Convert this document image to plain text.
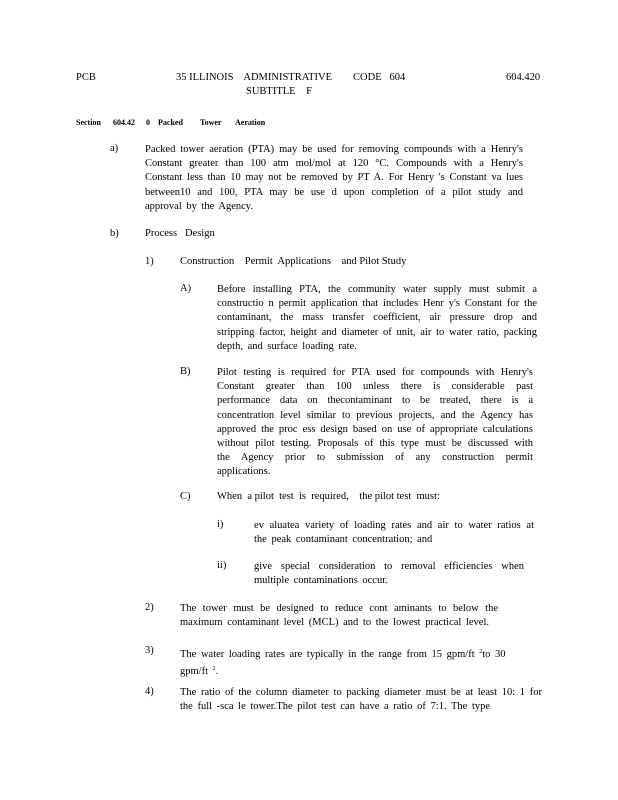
PCB	35 ILLINOIS    ADMINISTRATIVE        CODE   604
SUBTITLE    F
604.420
Section 604.42 0 Packed Tower Aeration
a)	Packed tower aeration (PTA) may be used for removing compounds with a Henry's Constant greater than 100 atm mol/mol at 120 °C. Compounds with a Henry's Constant less than 10 may not be removed by PT A. For Henry 's Constant va lues between10 and 100, PTA may be use d upon completion of a pilot study and approval by the Agency.
b)	Process   Design
1)	Construction    Permit  Applications    and Pilot Study
A) Before installing PTA, the community water supply must submit a constructio n permit application that includes Henr y's Constant for the contaminant, the mass transfer coefficient, air pressure drop and stripping factor, height and diameter of unit, air to water ratio, packing depth, and surface loading rate.
B)	Pilot testing is required for PTA used for compounds with Henry's Constant greater than 100 unless there is considerable past performance data on thecontaminant to be treated, there is a concentration level similar to previous projects, and the Agency has approved the proc ess design based on use of appropriate calculations without pilot testing. Proposals of this type must be discussed with the Agency prior to submission of any construction permit applications.
C)	When  a pilot  test  is  required,    the pilot test  must:
i)	ev aluatea variety of loading rates and air to water ratios at the peak contaminant concentration; and
ii)	give special consideration to removal efficiencies when multiple contaminations occur.
2)	The tower must be designed to reduce cont aminants to below the maximum contaminant level (MCL) and to the lowest practical level.
3)	The water loading rates are typically in the range from 15 gpm/ft $^2$to 30 gpm/ft $^2$.
4)	The ratio of the column diameter to packing diameter must be at least 10: 1 for the full -sca le tower.The pilot test can have a ratio of 7:1. The type
